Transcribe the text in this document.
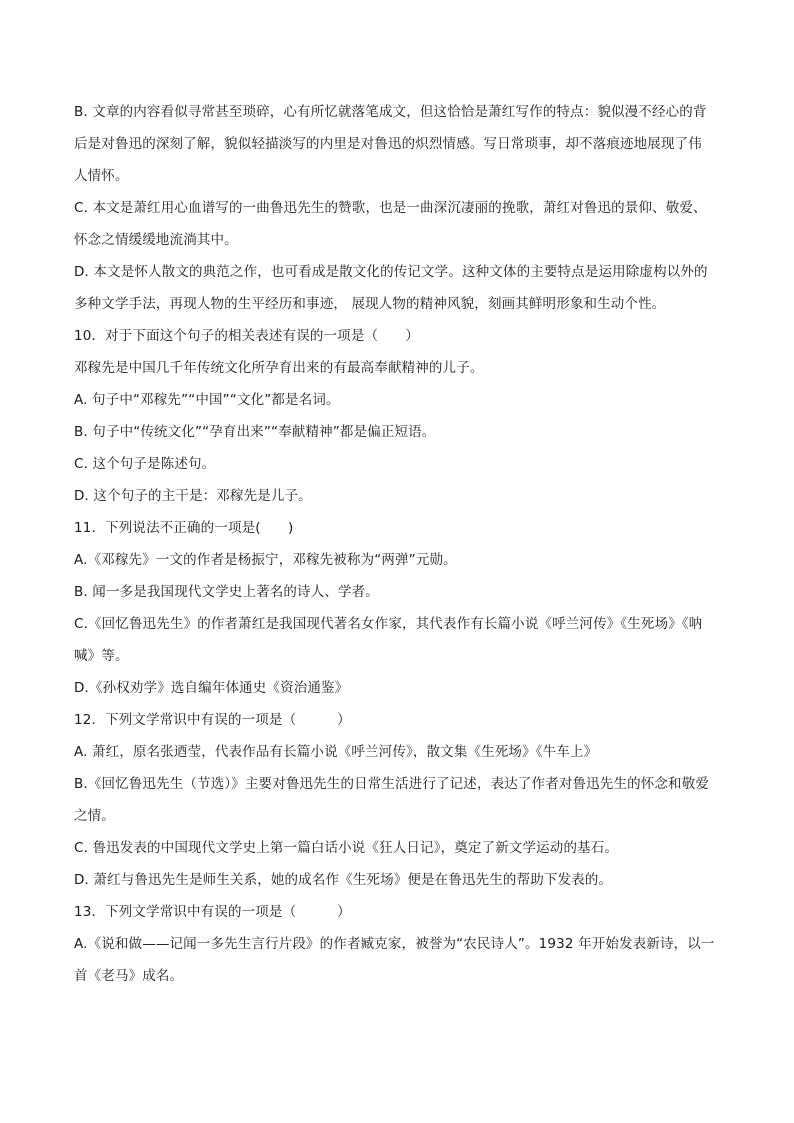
B. 文章的内容看似寻常甚至琐碎，心有所忆就落笔成文，但这恰恰是萧红写作的特点：貌似漫不经心的背
后是对鲁迅的深刻了解，貌似轻描淡写的内里是对鲁迅的炽烈情感。写日常琐事，却不落痕迹地展现了伟
人情怀。
C. 本文是萧红用心血谱写的一曲鲁迅先生的赞歌，也是一曲深沉凄丽的挽歌，萧红对鲁迅的景仰、敬爱、
怀念之情缓缓地流淌其中。
D. 本文是怀人散文的典范之作，也可看成是散文化的传记文学。这种文体的主要特点是运用除虚构以外的
多种文学手法，再现人物的生平经历和事迹， 展现人物的精神风貌，刻画其鲜明形象和生动个性。
10．对于下面这个句子的相关表述有误的一项是（　　）
邓稼先是中国几千年传统文化所孕育出来的有最高奉献精神的儿子。
A. 句子中“邓稼先”“中国”“文化”都是名词。
B. 句子中“传统文化”“孕育出来”“奉献精神”都是偏正短语。
C. 这个句子是陈述句。
D. 这个句子的主干是：邓稼先是儿子。
11．下列说法不正确的一项是(　　)
A.《邓稼先》一文的作者是杨振宁，邓稼先被称为“两弹”元勋。
B. 闻一多是我国现代文学史上著名的诗人、学者。
C.《回忆鲁迅先生》的作者萧红是我国现代著名女作家，其代表作有长篇小说《呼兰河传》《生死场》《呐
喊》等。
D.《孙权劝学》选自编年体通史《资治通鉴》
12．下列文学常识中有误的一项是（　　　）
A. 萧红，原名张迺莹，代表作品有长篇小说《呼兰河传》，散文集《生死场》《牛车上》
B.《回忆鲁迅先生（节选）》主要对鲁迅先生的日常生活进行了记述，表达了作者对鲁迅先生的怀念和敬爱
之情。
C. 鲁迅发表的中国现代文学史上第一篇白话小说《狂人日记》，奠定了新文学运动的基石。
D. 萧红与鲁迅先生是师生关系，她的成名作《生死场》便是在鲁迅先生的帮助下发表的。
13．下列文学常识中有误的一项是（　　　）
A.《说和做——记闻一多先生言行片段》的作者臧克家，被誉为“农民诗人”。1932 年开始发表新诗，以一
首《老马》成名。
